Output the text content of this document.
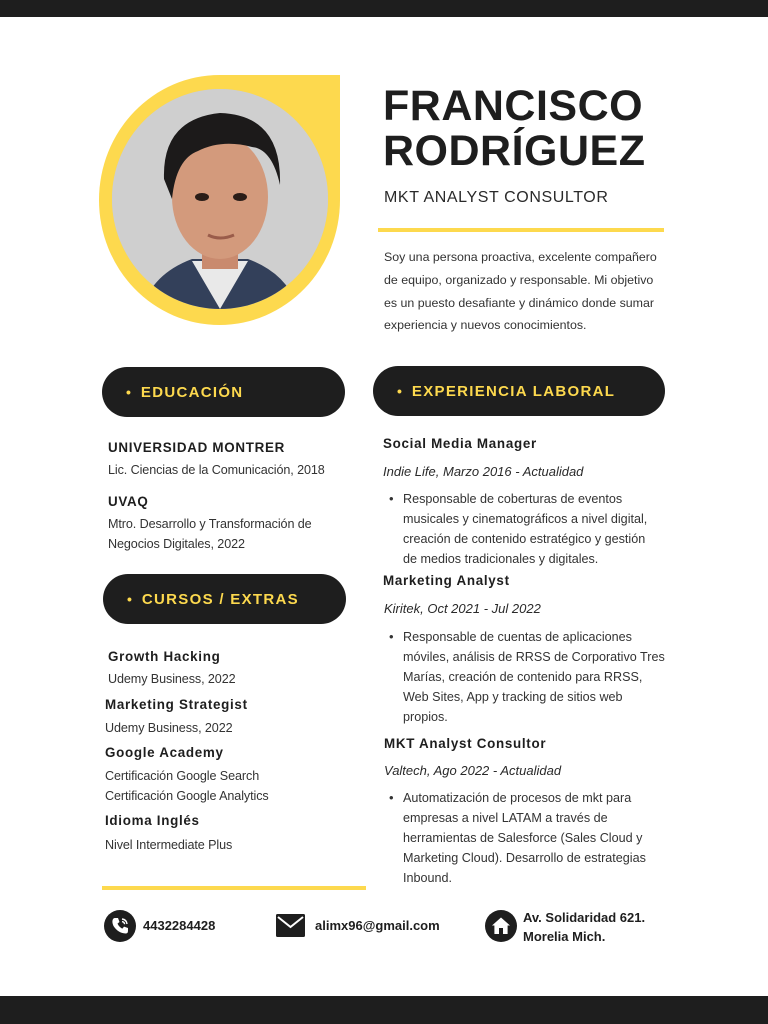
FRANCISCO
RODRÍGUEZ
MKT ANALYST CONSULTOR
Soy una persona proactiva, excelente compañero de equipo, organizado y responsable. Mi objetivo es un puesto desafiante y dinámico donde sumar experiencia y nuevos conocimientos.
• EDUCACIÓN
UNIVERSIDAD MONTRER
Lic. Ciencias de la Comunicación, 2018
UVAQ
Mtro. Desarrollo y Transformación de
Negocios Digitales, 2022
• CURSOS / EXTRAS
Growth Hacking
Udemy Business, 2022
Marketing Strategist
Udemy Business, 2022
Google Academy
Certificación Google Search
Certificación Google Analytics
Idioma Inglés
Nivel Intermediate Plus
• EXPERIENCIA LABORAL
Social Media Manager
Indie Life, Marzo 2016 - Actualidad
• Responsable de coberturas de eventos
musicales y cinematográficos a nivel digital,
creación de contenido estratégico y gestión
de medios tradicionales y digitales.
Marketing Analyst
Kiritek, Oct 2021 - Jul 2022
• Responsable de cuentas de aplicaciones
móviles, análisis de RRSS de Corporativo Tres
Marías, creación de contenido para RRSS,
Web Sites, App y tracking de sitios web
propios.
MKT Analyst Consultor
Valtech, Ago 2022 - Actualidad
• Automatización de procesos de mkt para
empresas a nivel LATAM a través de
herramientas de Salesforce (Sales Cloud y
Marketing Cloud). Desarrollo de estrategias
Inbound.
4432284428	alimx96@gmail.com
Av. Solidaridad 621.
Morelia Mich.
